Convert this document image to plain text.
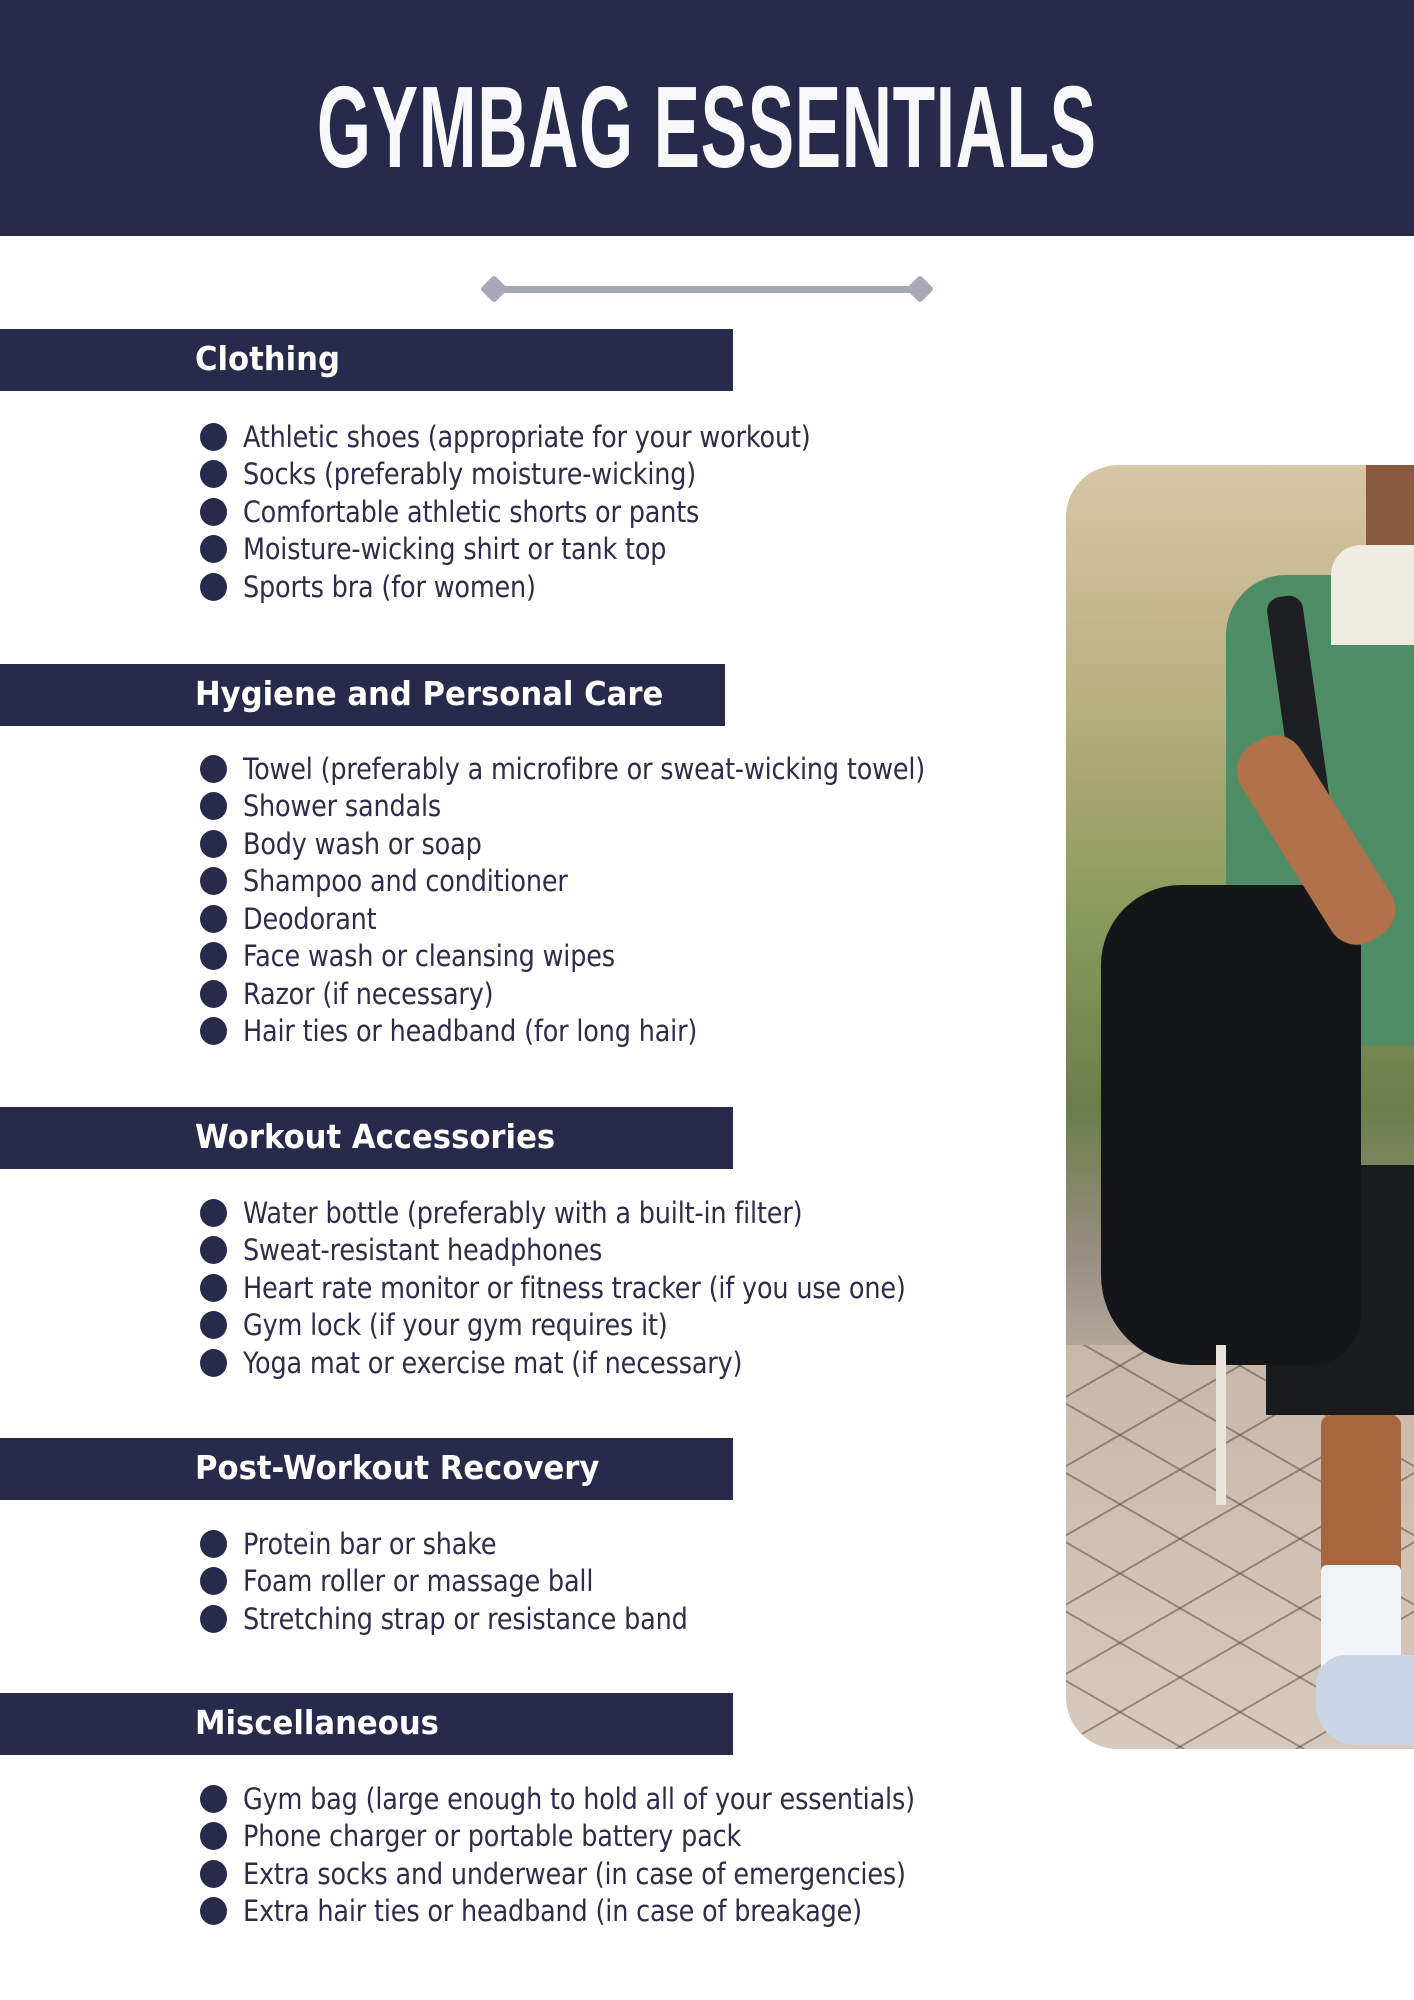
GYMBAG ESSENTIALS
Clothing
Athletic shoes (appropriate for your workout)
Socks (preferably moisture-wicking)
Comfortable athletic shorts or pants
Moisture-wicking shirt or tank top
Sports bra (for women)
Hygiene and Personal Care
Towel (preferably a microfibre or sweat-wicking towel)
Shower sandals
Body wash or soap
Shampoo and conditioner
Deodorant
Face wash or cleansing wipes
Razor (if necessary)
Hair ties or headband (for long hair)
Workout Accessories
Water bottle (preferably with a built-in filter)
Sweat-resistant headphones
Heart rate monitor or fitness tracker (if you use one)
Gym lock (if your gym requires it)
Yoga mat or exercise mat (if necessary)
Post-Workout Recovery
Protein bar or shake
Foam roller or massage ball
Stretching strap or resistance band
Miscellaneous
Gym bag (large enough to hold all of your essentials)
Phone charger or portable battery pack
Extra socks and underwear (in case of emergencies)
Extra hair ties or headband (in case of breakage)
